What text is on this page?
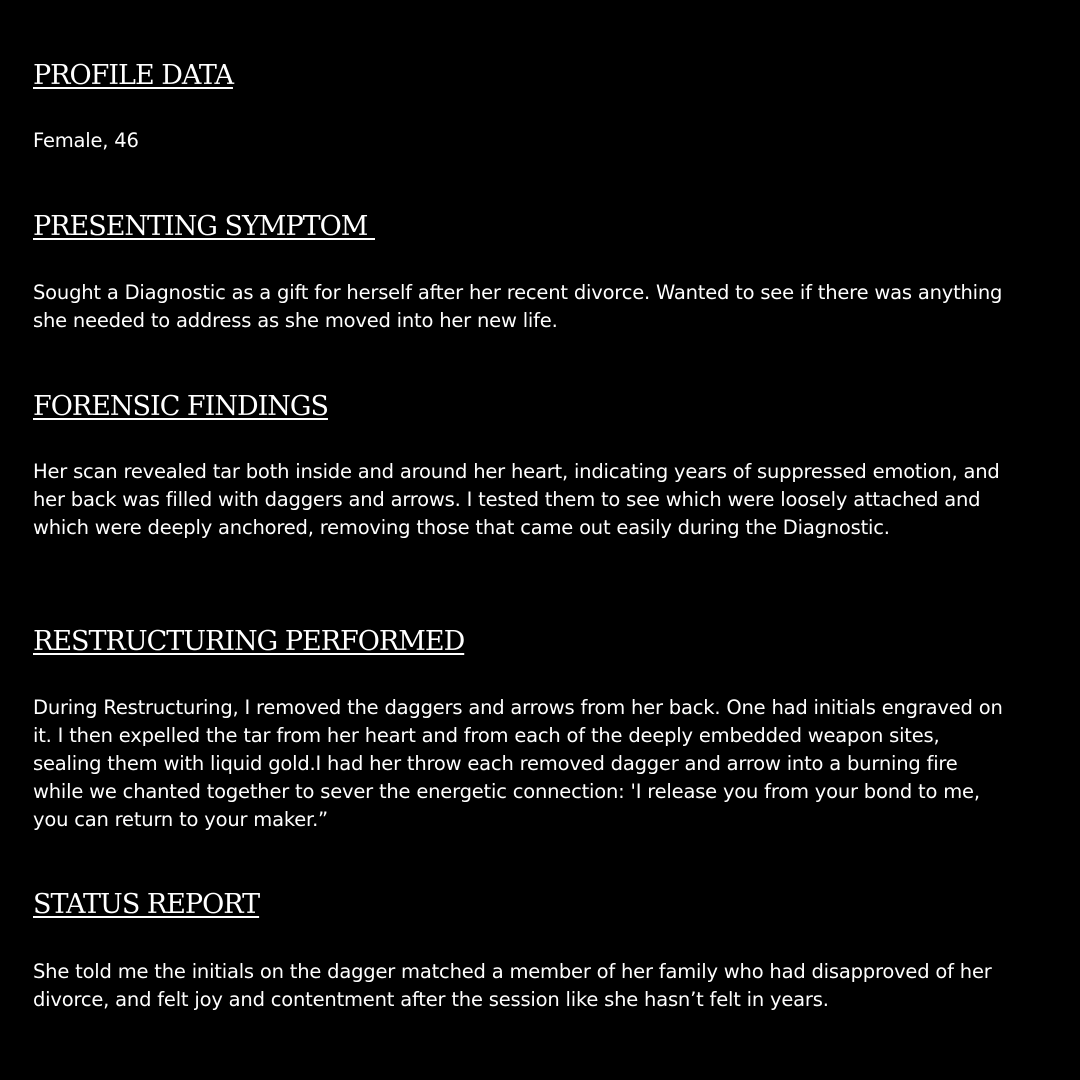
PROFILE DATA

Female, 46

PRESENTING SYMPTOM

Sought a Diagnostic as a gift for herself after her recent divorce. Wanted to see if there was anything she needed to address as she moved into her new life.

FORENSIC FINDINGS

Her scan revealed tar both inside and around her heart, indicating years of suppressed emotion, and her back was filled with daggers and arrows. I tested them to see which were loosely attached and which were deeply anchored, removing those that came out easily during the Diagnostic.

RESTRUCTURING PERFORMED

During Restructuring, I removed the daggers and arrows from her back. One had initials engraved on it. I then expelled the tar from her heart and from each of the deeply embedded weapon sites, sealing them with liquid gold.I had her throw each removed dagger and arrow into a burning fire while we chanted together to sever the energetic connection: 'I release you from your bond to me, you can return to your maker.”

STATUS REPORT

She told me the initials on the dagger matched a member of her family who had disapproved of her divorce, and felt joy and contentment after the session like she hasn’t felt in years.
